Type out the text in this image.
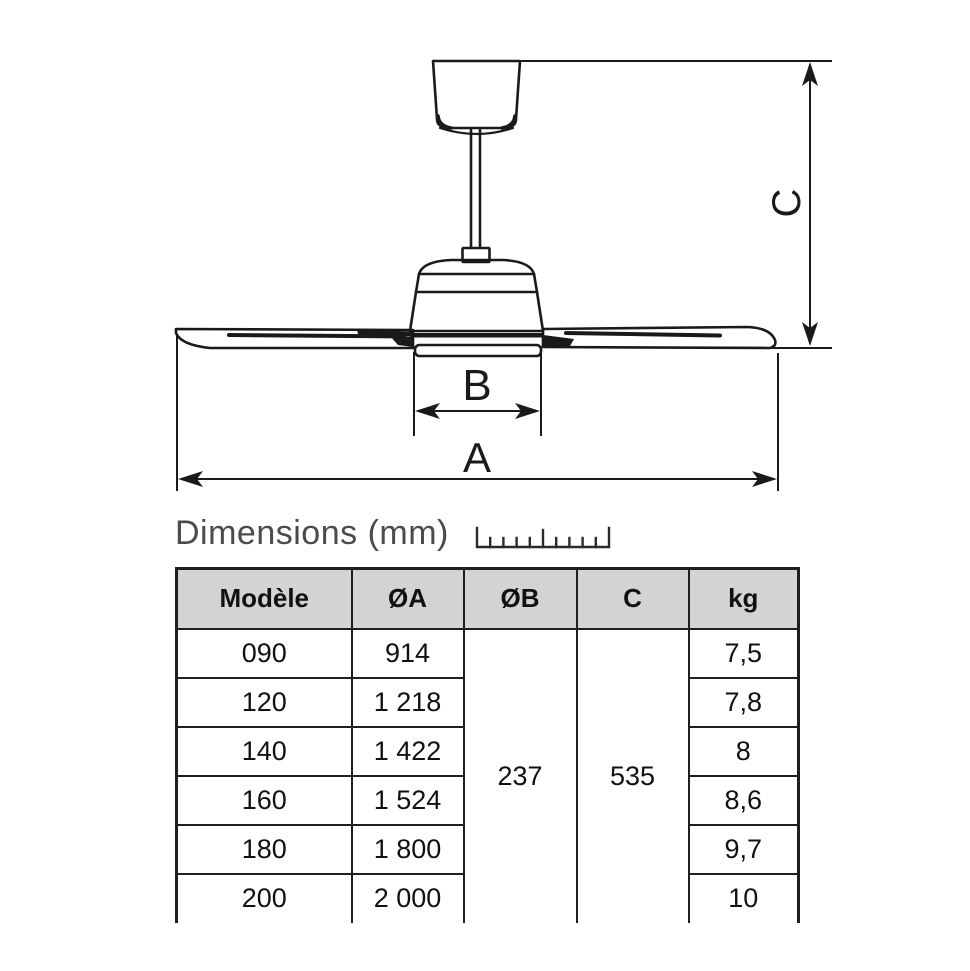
B
A
C
Dimensions (mm)
Modèle	ØA	ØB	C	kg
090	914	237	535	7,5
120	1 218			7,8
140	1 422			8
160	1 524			8,6
180	1 800			9,7
200	2 000			10
